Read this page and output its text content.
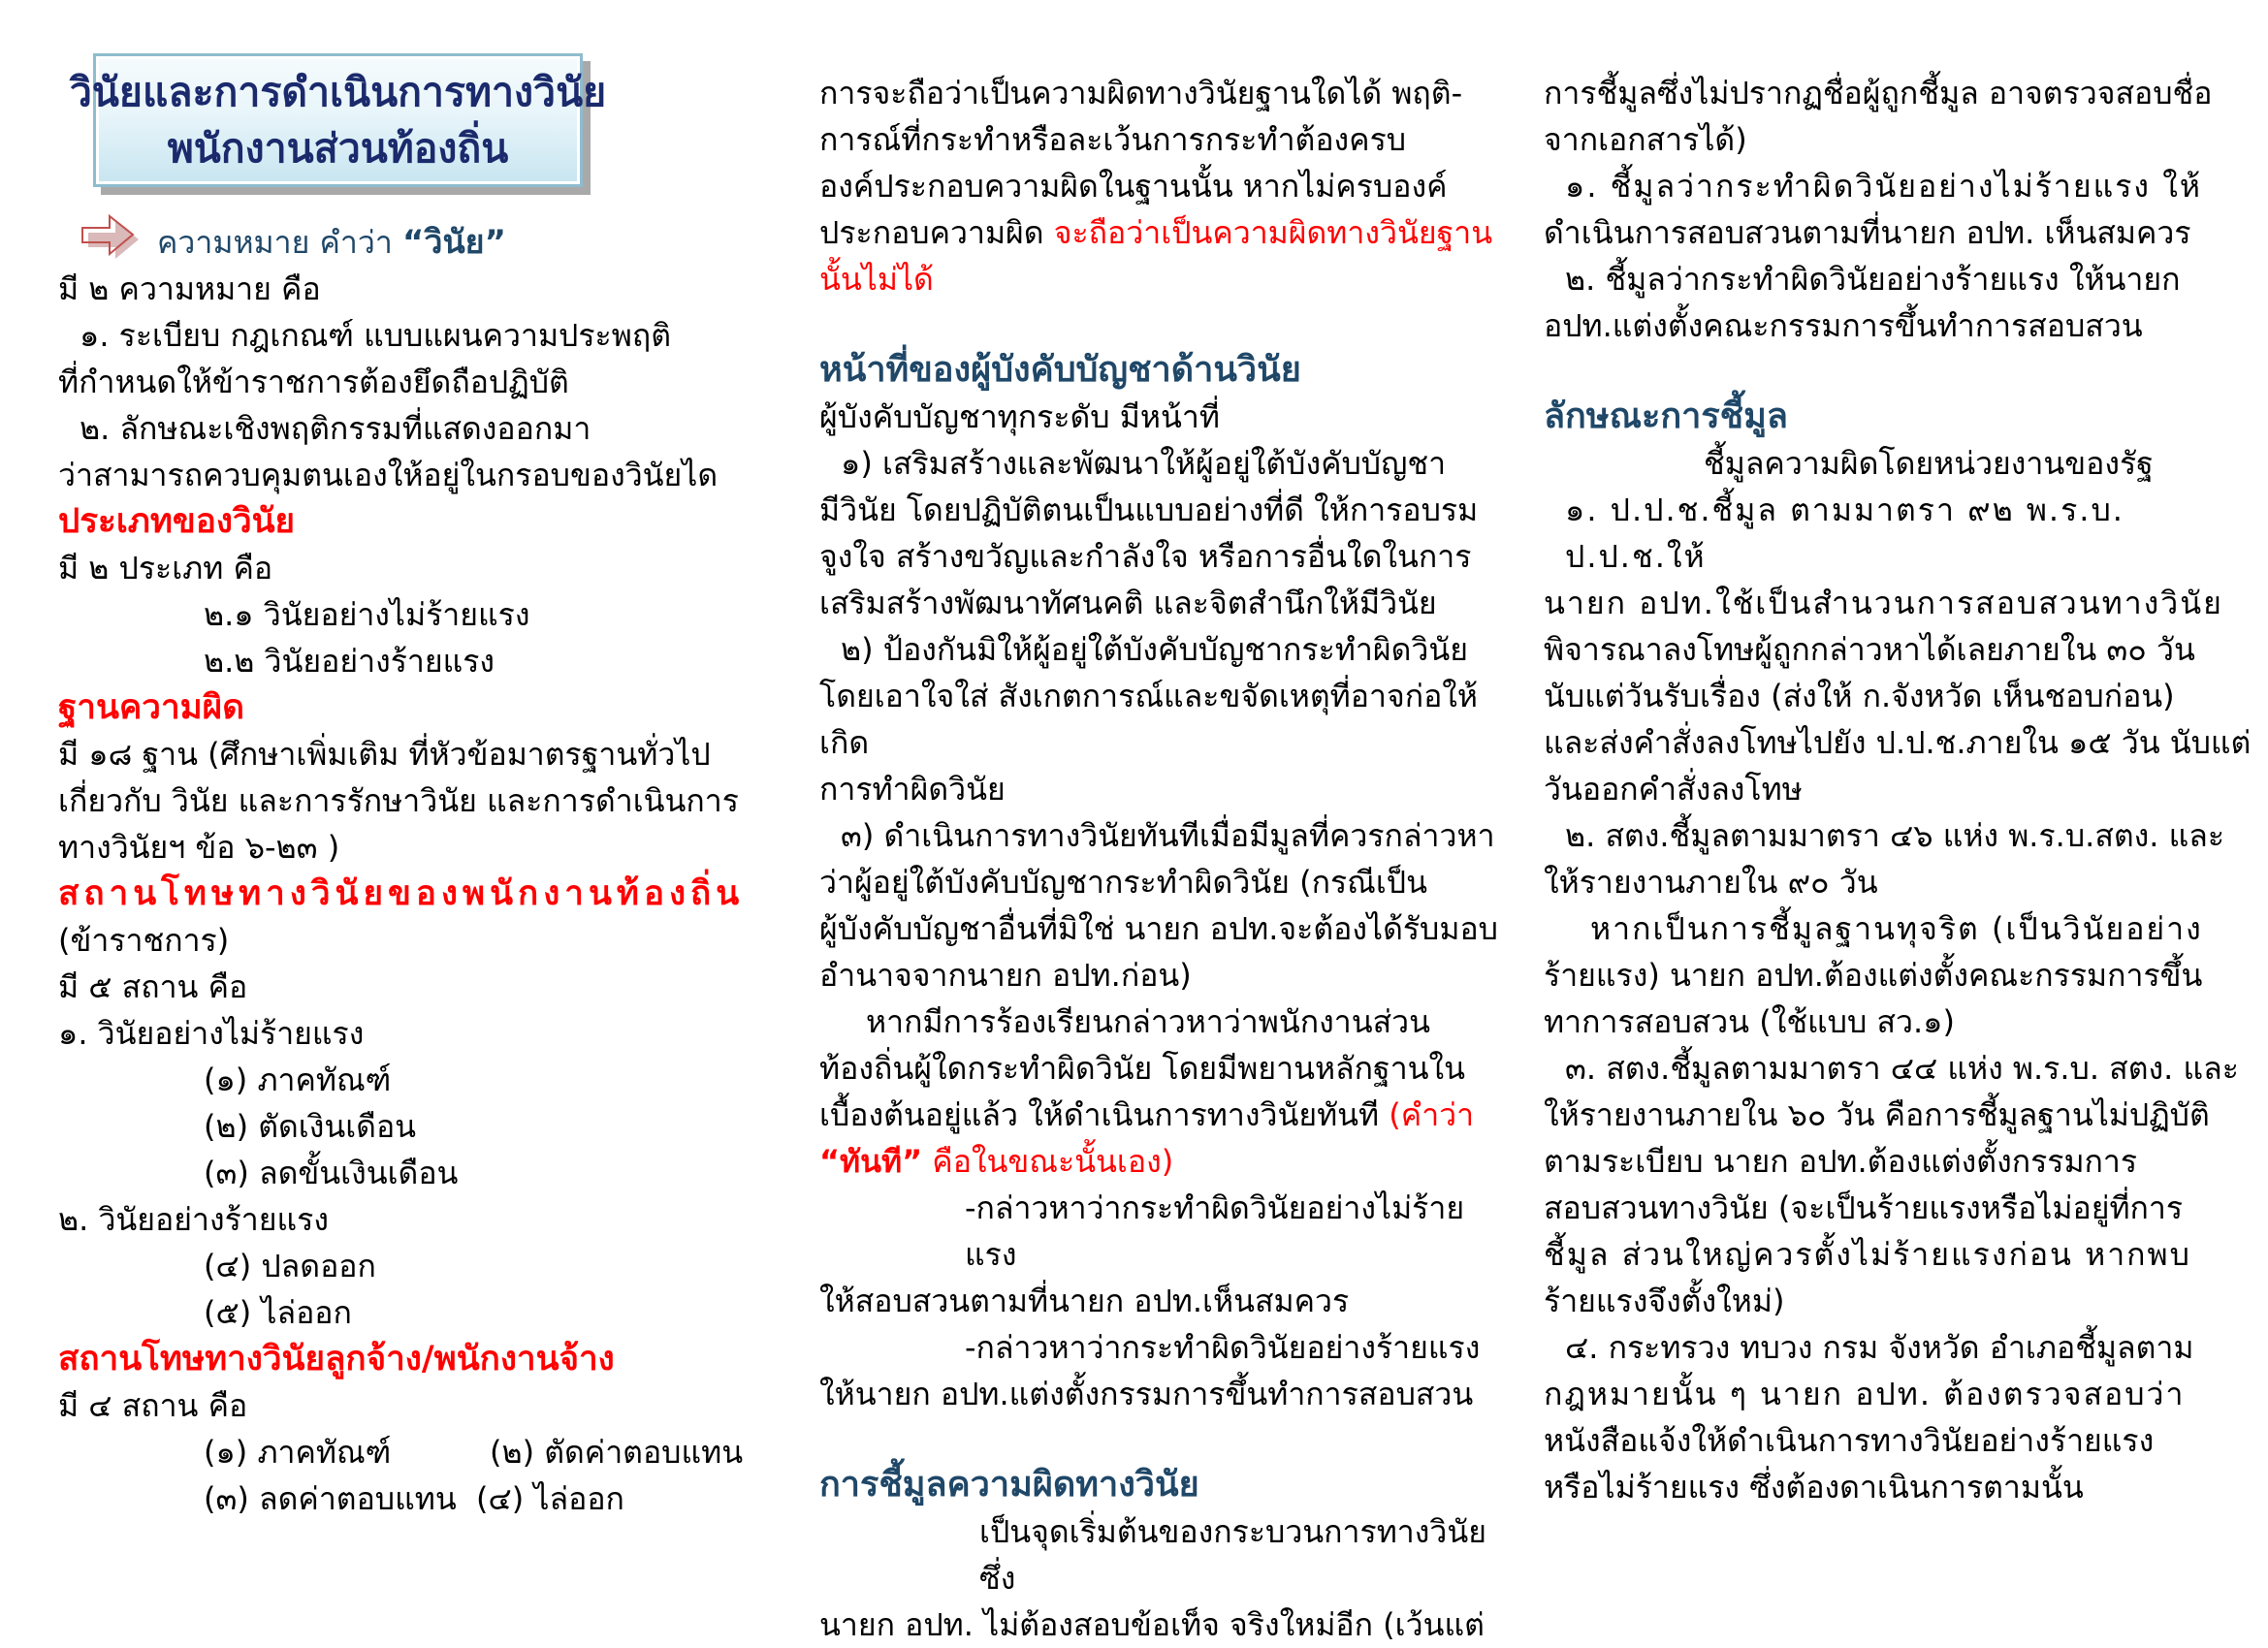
วินัยและการดำเนินการทางวินัย
พนักงานส่วนท้องถิ่น
ความหมาย คำว่า “วินัย”
มี ๒ ความหมาย คือ
๑. ระเบียบ กฎเกณฑ์ แบบแผนความประพฤติ
ที่กำหนดให้ข้าราชการต้องยึดถือปฏิบัติ
๒. ลักษณะเชิงพฤติกรรมที่แสดงออกมา
ว่าสามารถควบคุมตนเองให้อยู่ในกรอบของวินัยได
ประเภทของวินัย
มี ๒ ประเภท คือ
๒.๑ วินัยอย่างไม่ร้ายแรง
๒.๒ วินัยอย่างร้ายแรง
ฐานความผิด
มี ๑๘ ฐาน (ศึกษาเพิ่มเติม ที่หัวข้อมาตรฐานทั่วไป
เกี่ยวกับ วินัย และการรักษาวินัย และการดำเนินการ
ทางวินัยฯ ข้อ ๖-๒๓ )
สถานโทษทางวินัยของพนักงานท้องถิ่น
(ข้าราชการ)
มี ๕ สถาน คือ
๑. วินัยอย่างไม่ร้ายแรง
(๑) ภาคทัณฑ์
(๒) ตัดเงินเดือน
(๓) ลดขั้นเงินเดือน
๒. วินัยอย่างร้ายแรง
(๔) ปลดออก
(๕) ไล่ออก
สถานโทษทางวินัยลูกจ้าง/พนักงานจ้าง
มี ๔ สถาน คือ
(๑) ภาคทัณฑ์          (๒) ตัดค่าตอบแทน
(๓) ลดค่าตอบแทน  (๔) ไล่ออก
การจะถือว่าเป็นความผิดทางวินัยฐานใดได้ พฤติ-
การณ์ที่กระทำหรือละเว้นการกระทำต้องครบ
องค์ประกอบความผิดในฐานนั้น หากไม่ครบองค์
ประกอบความผิด จะถือว่าเป็นความผิดทางวินัยฐาน
นั้นไม่ได้
หน้าที่ของผู้บังคับบัญชาด้านวินัย
ผู้บังคับบัญชาทุกระดับ มีหน้าที่
๑) เสริมสร้างและพัฒนาให้ผู้อยู่ใต้บังคับบัญชา
มีวินัย โดยปฏิบัติตนเป็นแบบอย่างที่ดี ให้การอบรม
จูงใจ สร้างขวัญและกำลังใจ หรือการอื่นใดในการ
เสริมสร้างพัฒนาทัศนคติ และจิตสำนึกให้มีวินัย
๒) ป้องกันมิให้ผู้อยู่ใต้บังคับบัญชากระทำผิดวินัย
โดยเอาใจใส่ สังเกตการณ์และขจัดเหตุที่อาจก่อให้เกิด
การทำผิดวินัย
๓) ดำเนินการทางวินัยทันทีเมื่อมีมูลที่ควรกล่าวหา
ว่าผู้อยู่ใต้บังคับบัญชากระทำผิดวินัย (กรณีเป็น
ผู้บังคับบัญชาอื่นที่มิใช่ นายก อปท.จะต้องได้รับมอบ
อำนาจจากนายก อปท.ก่อน)
หากมีการร้องเรียนกล่าวหาว่าพนักงานส่วน
ท้องถิ่นผู้ใดกระทำผิดวินัย โดยมีพยานหลักฐานใน
เบื้องต้นอยู่แล้ว ให้ดำเนินการทางวินัยทันที (คำว่า
“ทันที” คือในขณะนั้นเอง)
-กล่าวหาว่ากระทำผิดวินัยอย่างไม่ร้ายแรง
ให้สอบสวนตามที่นายก อปท.เห็นสมควร
-กล่าวหาว่ากระทำผิดวินัยอย่างร้ายแรง
ให้นายก อปท.แต่งตั้งกรรมการขึ้นทำการสอบสวน
การชี้มูลความผิดทางวินัย
เป็นจุดเริ่มต้นของกระบวนการทางวินัยซึ่ง
นายก อปท. ไม่ต้องสอบข้อเท็จ จริงใหม่อีก (เว้นแต่
การชี้มูลซึ่งไม่ปรากฏชื่อผู้ถูกชี้มูล อาจตรวจสอบชื่อ
จากเอกสารได้)
๑. ชี้มูลว่ากระทำผิดวินัยอย่างไม่ร้ายแรง ให้
ดำเนินการสอบสวนตามที่นายก อปท. เห็นสมควร
๒. ชี้มูลว่ากระทำผิดวินัยอย่างร้ายแรง ให้นายก
อปท.แต่งตั้งคณะกรรมการขึ้นทำการสอบสวน
ลักษณะการชี้มูล
ชี้มูลความผิดโดยหน่วยงานของรัฐ
๑. ป.ป.ช.ชี้มูล ตามมาตรา ๙๒ พ.ร.บ. ป.ป.ช.ให้
นายก อปท.ใช้เป็นสำนวนการสอบสวนทางวินัย
พิจารณาลงโทษผู้ถูกกล่าวหาได้เลยภายใน ๓๐ วัน
นับแต่วันรับเรื่อง (ส่งให้ ก.จังหวัด เห็นชอบก่อน)
และส่งคำสั่งลงโทษไปยัง ป.ป.ช.ภายใน ๑๕ วัน นับแต่
วันออกคำสั่งลงโทษ
๒. สตง.ชี้มูลตามมาตรา ๔๖ แห่ง พ.ร.บ.สตง. และ
ให้รายงานภายใน ๙๐ วัน
หากเป็นการชี้มูลฐานทุจริต (เป็นวินัยอย่าง
ร้ายแรง) นายก อปท.ต้องแต่งตั้งคณะกรรมการขึ้น
ทาการสอบสวน (ใช้แบบ สว.๑)
๓. สตง.ชี้มูลตามมาตรา ๔๔ แห่ง พ.ร.บ. สตง. และ
ให้รายงานภายใน ๖๐ วัน คือการชี้มูลฐานไม่ปฏิบัติ
ตามระเบียบ นายก อปท.ต้องแต่งตั้งกรรมการ
สอบสวนทางวินัย (จะเป็นร้ายแรงหรือไม่อยู่ที่การ
ชี้มูล ส่วนใหญ่ควรตั้งไม่ร้ายแรงก่อน หากพบ
ร้ายแรงจึงตั้งใหม่)
๔. กระทรวง ทบวง กรม จังหวัด อำเภอชี้มูลตาม
กฎหมายนั้น ๆ นายก อปท. ต้องตรวจสอบว่า
หนังสือแจ้งให้ดำเนินการทางวินัยอย่างร้ายแรง
หรือไม่ร้ายแรง ซึ่งต้องดาเนินการตามนั้น
